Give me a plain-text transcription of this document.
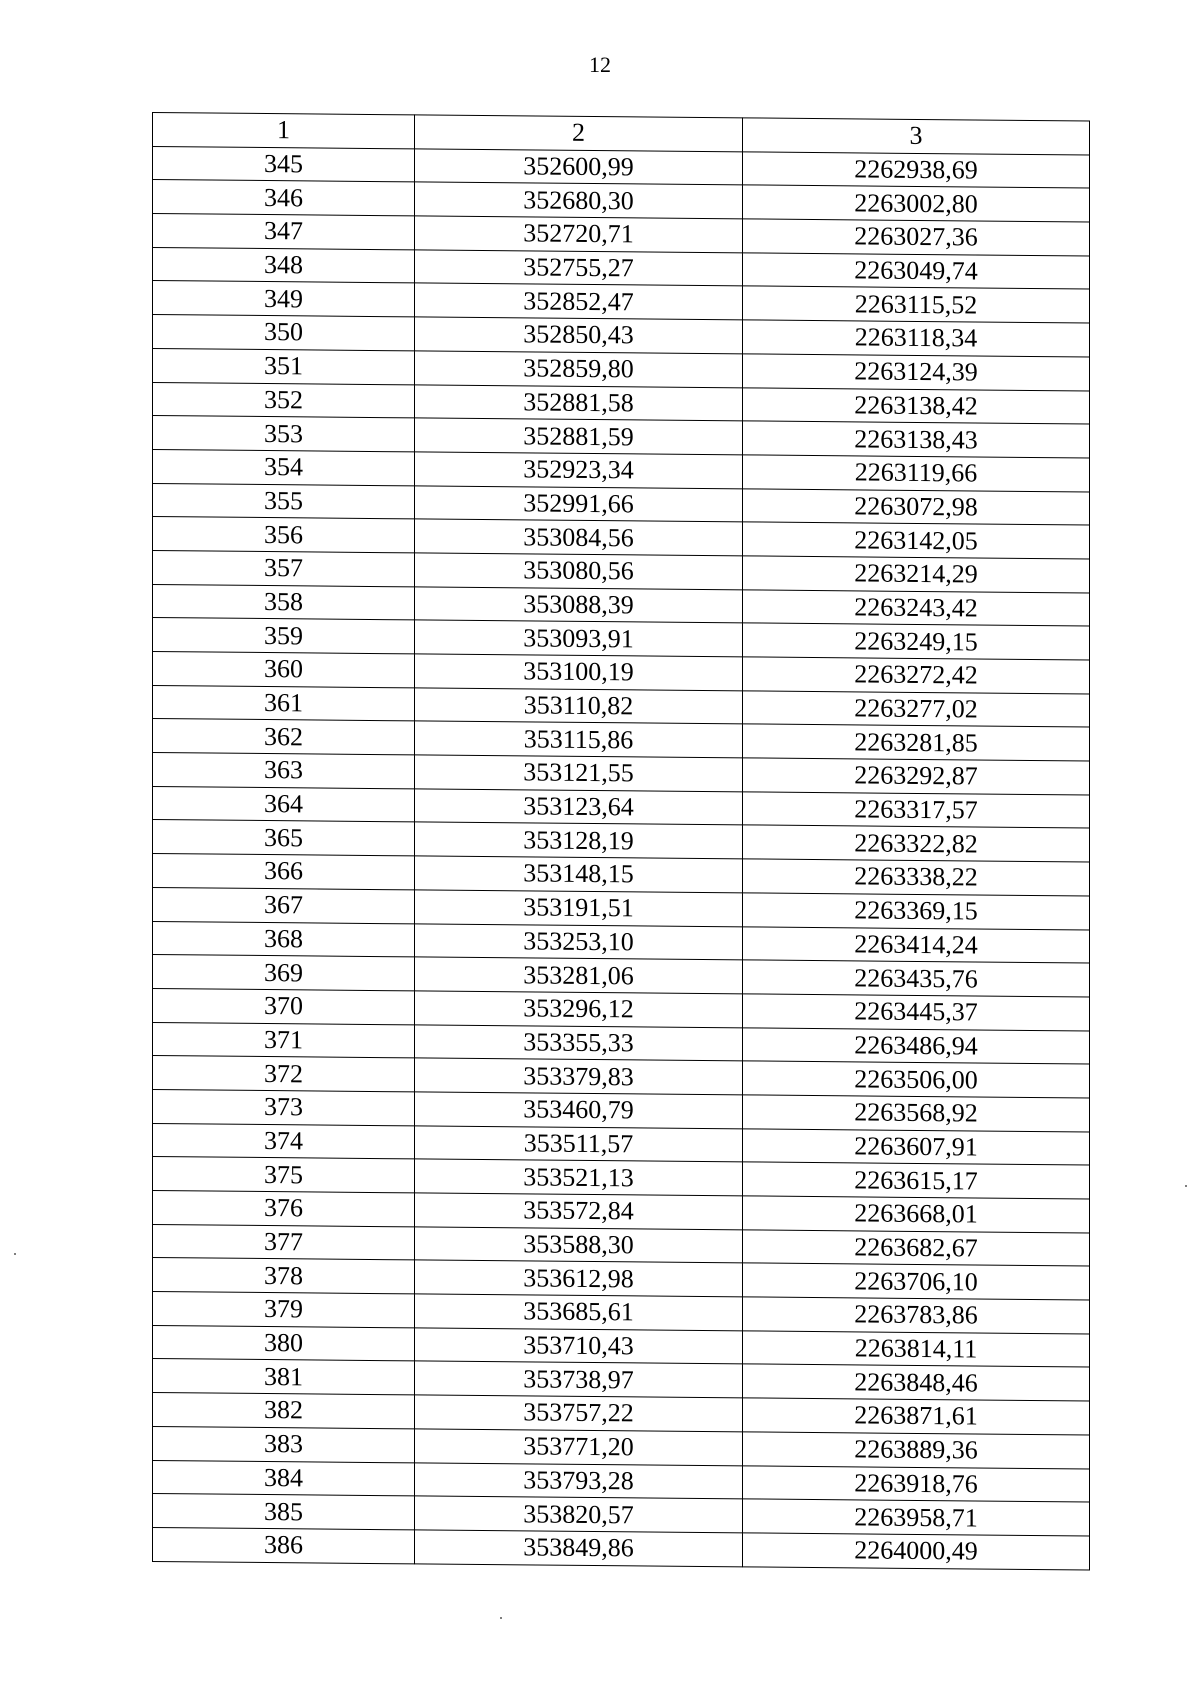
12
1	2	3
345	352600,99	2262938,69
346	352680,30	2263002,80
347	352720,71	2263027,36
348	352755,27	2263049,74
349	352852,47	2263115,52
350	352850,43	2263118,34
351	352859,80	2263124,39
352	352881,58	2263138,42
353	352881,59	2263138,43
354	352923,34	2263119,66
355	352991,66	2263072,98
356	353084,56	2263142,05
357	353080,56	2263214,29
358	353088,39	2263243,42
359	353093,91	2263249,15
360	353100,19	2263272,42
361	353110,82	2263277,02
362	353115,86	2263281,85
363	353121,55	2263292,87
364	353123,64	2263317,57
365	353128,19	2263322,82
366	353148,15	2263338,22
367	353191,51	2263369,15
368	353253,10	2263414,24
369	353281,06	2263435,76
370	353296,12	2263445,37
371	353355,33	2263486,94
372	353379,83	2263506,00
373	353460,79	2263568,92
374	353511,57	2263607,91
375	353521,13	2263615,17
376	353572,84	2263668,01
377	353588,30	2263682,67
378	353612,98	2263706,10
379	353685,61	2263783,86
380	353710,43	2263814,11
381	353738,97	2263848,46
382	353757,22	2263871,61
383	353771,20	2263889,36
384	353793,28	2263918,76
385	353820,57	2263958,71
386	353849,86	2264000,49
